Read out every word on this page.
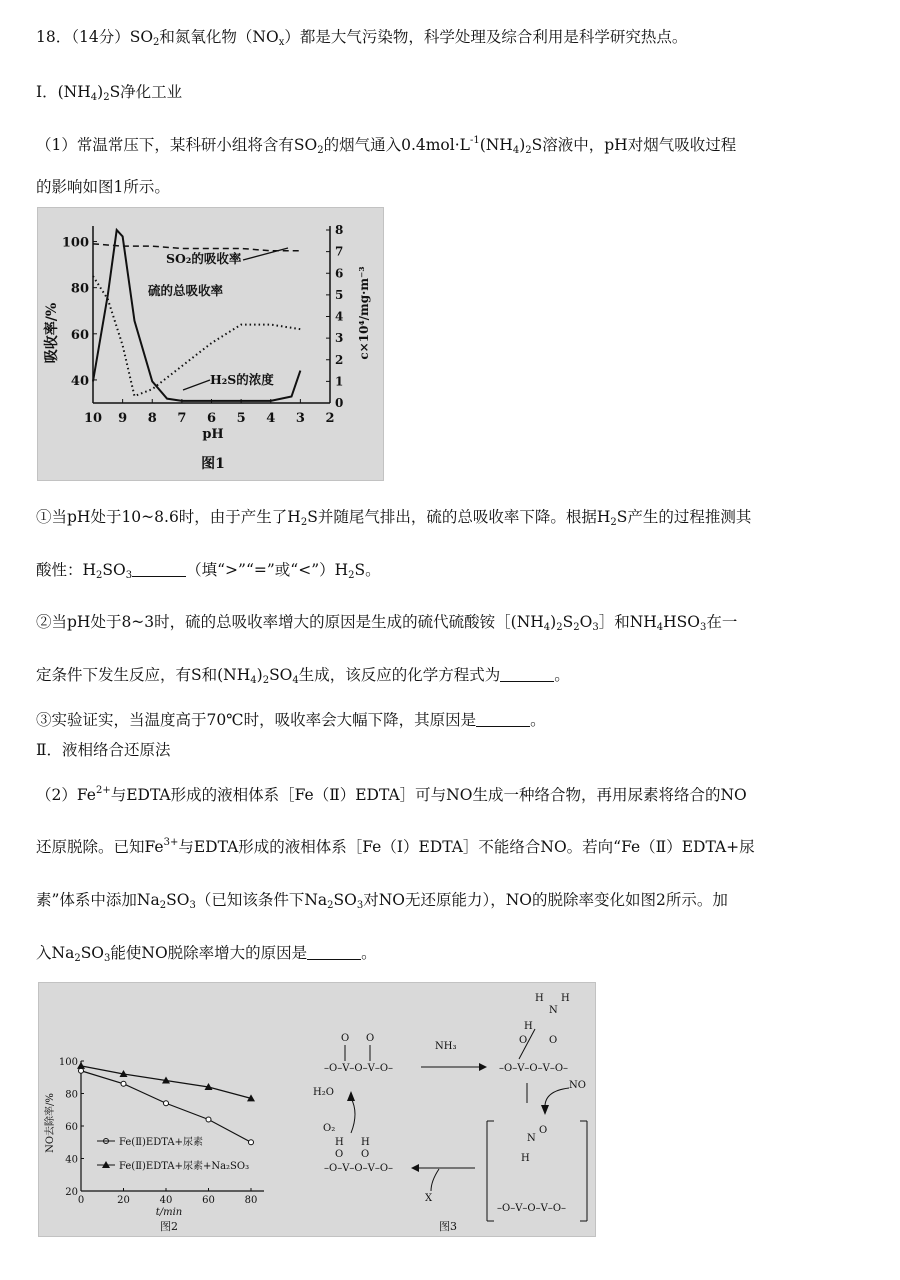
18．（14分）$SO_2$和氮氧化物$(NO_x)$都是大气污染物，科学处理及综合利用是科学研究热点。
Ⅰ．$(NH_4)_2S$净化工业
（1）常温常压下，某科研小组将含有$SO_2$的烟气通入$0.4mol\cdot L^{-1}(NH_4)_2S$溶液中，pH对烟气吸收过程
的影响如图1所示。
10 9 8 7 6 5 4 3 2
40
60
80
100
0
1
2
3
4
5
6
7
8
吸收率/%	c×10⁴/mg·m⁻³
pH
图1
SO₂的吸收率
硫的总吸收率
H₂S的浓度
①当pH处于10~8.6时，由于产生了$H_2S$并随尾气排出，硫的总吸收率下降。根据$H_2S$产生的过程推测其
酸性：$H_2SO_3$	（填“>”“=”或“$<”)H_2S$。
②当pH处于8~3时，硫的总吸收率增大的原因是生成的硫代硫酸铵$[(NH_4)_2S_2O_3]$和$NH_4HSO_3$在一
定条件下发生反应，有S和$(NH_4)_2SO_4$生成，该反应的化学方程式为	。
③实验证实，当温度高于70℃时，吸收率会大幅下降，其原因是	。
Ⅱ．液相络合还原法
$(2)Fe^{2+}$与EDTA形成的液相体系［Fe（Ⅱ）EDTA］可与NO生成一种络合物，再用尿素将络合的NO
还原脱除。已知$Fe^{3+}$与EDTA形成的液相体系［Fe（Ⅰ）EDTA］不能络合NO。若向“Fe（Ⅱ）EDTA+尿
素”体系中添加$Na_2SO_3$（已知该条件下$Na_2SO_3$对NO无还原能力），NO的脱除率变化如图2所示。加
入$Na_2SO_3$能使NO脱除率增大的原因是	。
0	20	40	60	80
20
40
60
80
100
NO去除率/%
t/min
图2
Fe(Ⅱ)EDTA+尿素
Fe(Ⅱ)EDTA+尿素+Na₂SO₃
–O–V–O–V–O–
O O
NH₃
–O–V–O–V–O–
N
H H
H
O O
NO
N
O
H
–O–V–O–V–O–
X
–O–V–O–V–O–
H H
O O
H₂O
O₂
图3
